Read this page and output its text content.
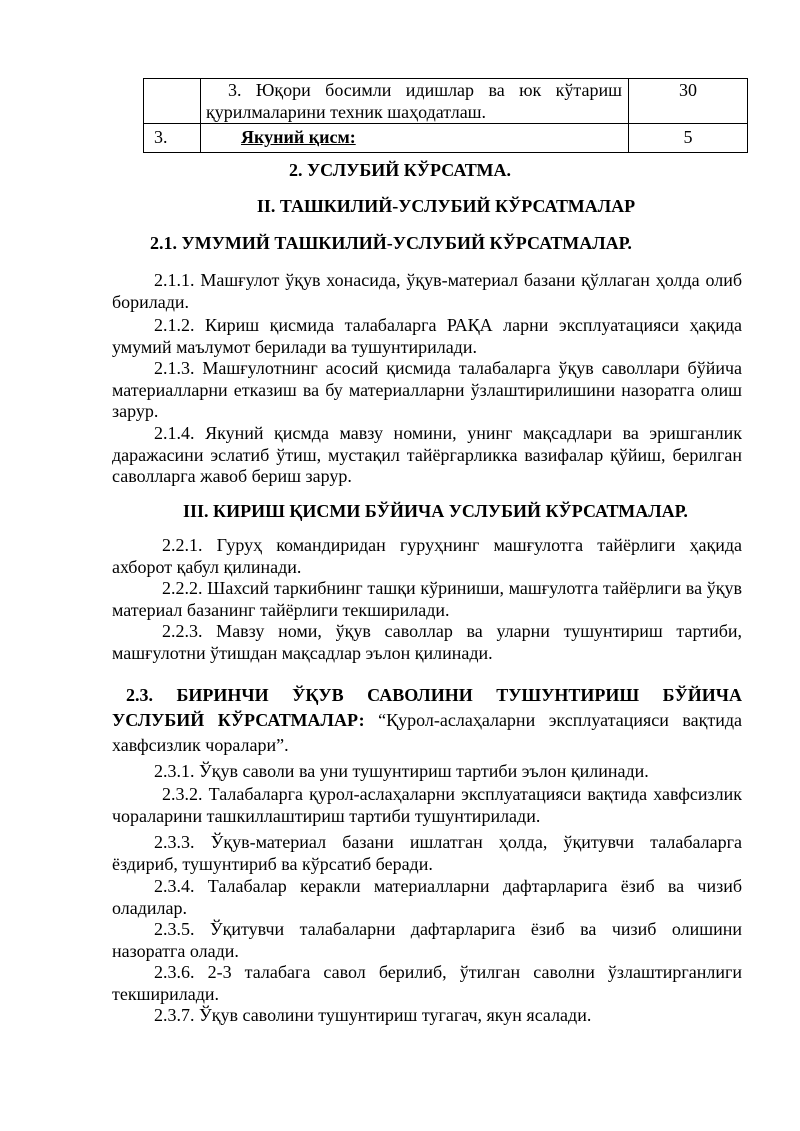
	3. Юқори босимли идишлар ва юк кўтариш
қурилмаларини техник шаҳодатлаш.	30
3.	Якуний қисм:	5
2. УСЛУБИЙ КЎРСАТМА.
II. ТАШКИЛИЙ-УСЛУБИЙ КЎРСАТМАЛАР
2.1. УМУМИЙ ТАШКИЛИЙ-УСЛУБИЙ КЎРСАТМАЛАР.
2.1.1. Машғулот ўқув хонасида, ўқув-материал базани қўллаган ҳолда олиб борилади.
2.1.2. Кириш қисмида талабаларга РАҚА ларни эксплуатацияси ҳақида умумий маълумот берилади ва тушунтирилади.
2.1.3. Машғулотнинг асосий қисмида талабаларга ўқув саволлари бўйича материалларни етказиш ва бу материалларни ўзлаштирилишини назоратга олиш зарур.
2.1.4. Якуний қисмда мавзу номини, унинг мақсадлари ва эришганлик даражасини эслатиб ўтиш, мустақил тайёргарликка вазифалар қўйиш, берилган саволларга жавоб бериш зарур.
III. КИРИШ ҚИСМИ БЎЙИЧА УСЛУБИЙ КЎРСАТМАЛАР.
2.2.1. Гуруҳ командиридан гуруҳнинг машғулотга тайёрлиги ҳақида ахборот қабул қилинади.
2.2.2. Шахсий таркибнинг ташқи кўриниши, машғулотга тайёрлиги ва ўқув материал базанинг тайёрлиги текширилади.
2.2.3. Мавзу номи, ўқув саволлар ва уларни тушунтириш тартиби, машғулотни ўтишдан мақсадлар эълон қилинади.
2.3. БИРИНЧИ ЎҚУВ САВОЛИНИ ТУШУНТИРИШ БЎЙИЧА УСЛУБИЙ КЎРСАТМАЛАР: “Қурол-аслаҳаларни эксплуатацияси вақтида хавфсизлик чоралари”.
2.3.1. Ўқув саволи ва уни тушунтириш тартиби эълон қилинади.
2.3.2. Талабаларга қурол-аслаҳаларни эксплуатацияси вақтида хавфсизлик чораларини ташкиллаштириш тартиби тушунтирилади.
2.3.3. Ўқув-материал базани ишлатган ҳолда, ўқитувчи талабаларга ёздириб, тушунтириб ва кўрсатиб беради.
2.3.4. Талабалар керакли материалларни дафтарларига ёзиб ва чизиб оладилар.
2.3.5. Ўқитувчи талабаларни дафтарларига ёзиб ва чизиб олишини назоратга олади.
2.3.6. 2-3 талабага савол берилиб, ўтилган саволни ўзлаштирганлиги текширилади.
2.3.7. Ўқув саволини тушунтириш тугагач, якун ясалади.
